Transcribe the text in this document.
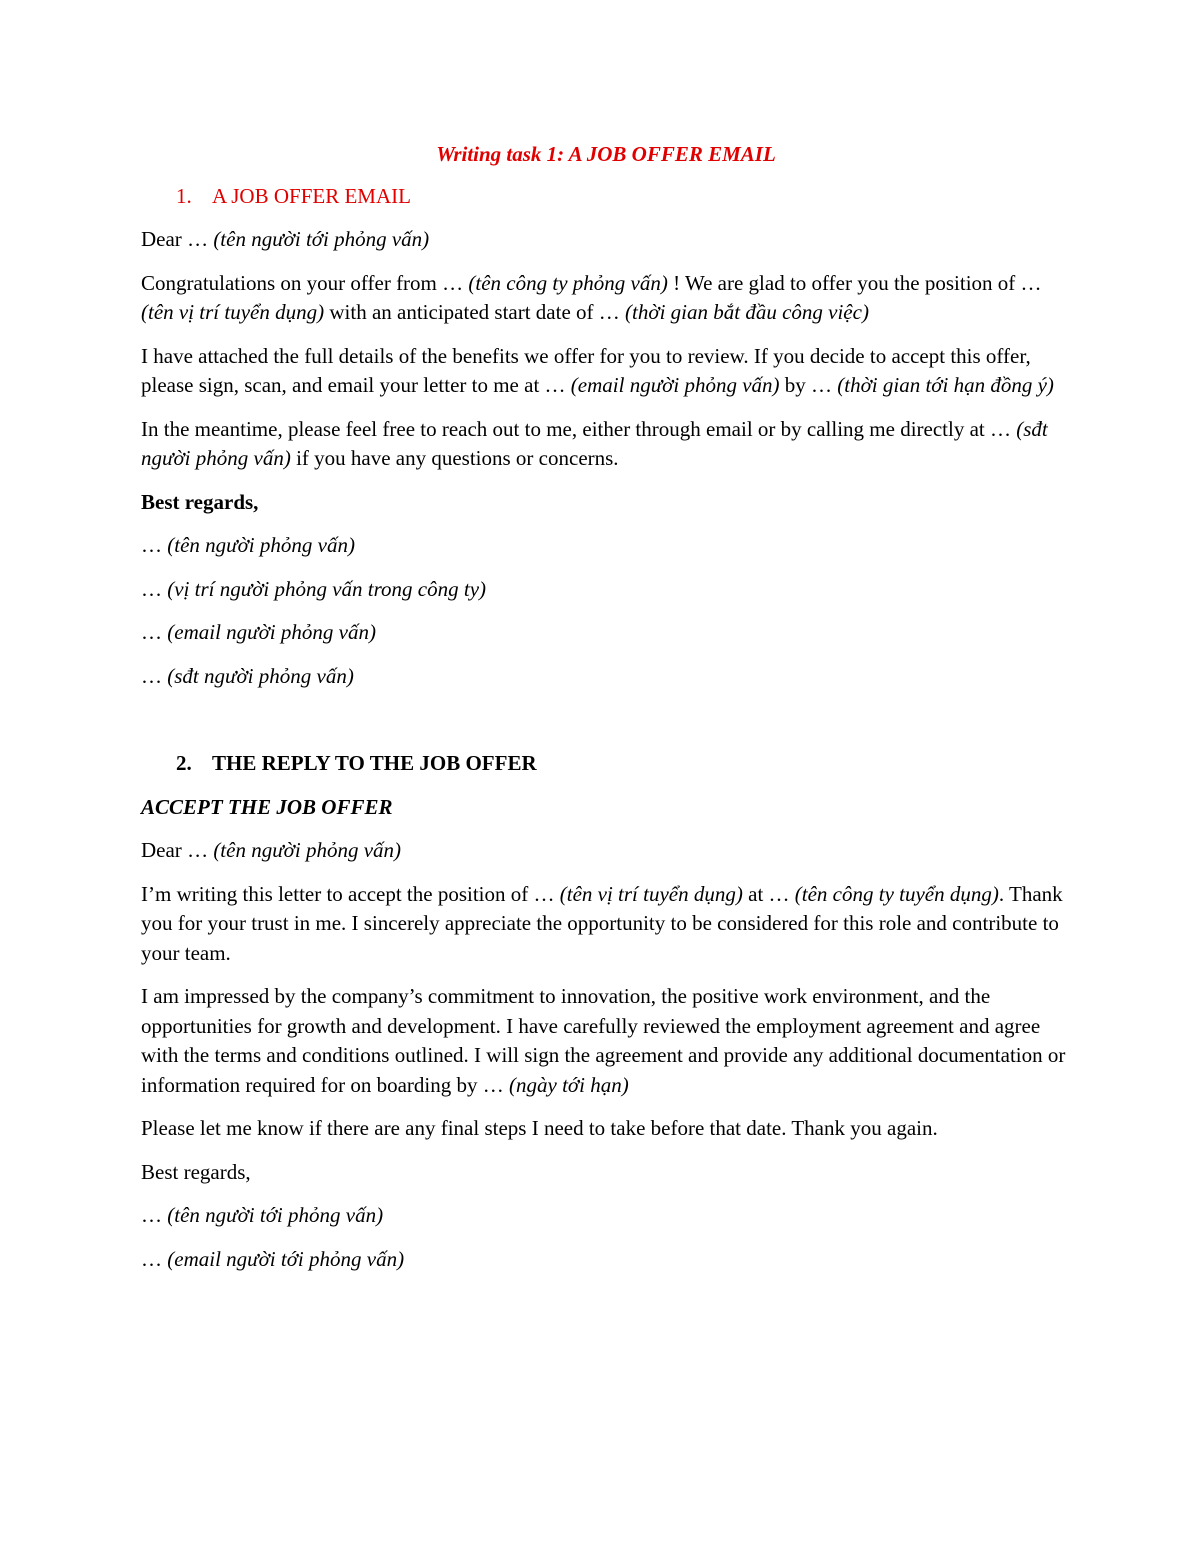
Writing task 1: A JOB OFFER EMAIL
1. A JOB OFFER EMAIL

Dear … (tên người tới phỏng vấn)

Congratulations on your offer from … (tên công ty phỏng vấn) ! We are glad to offer you the position of … (tên vị trí tuyển dụng) with an anticipated start date of … (thời gian bắt đầu công việc)

I have attached the full details of the benefits we offer for you to review. If you decide to accept this offer, please sign, scan, and email your letter to me at … (email người phỏng vấn) by … (thời gian tới hạn đồng ý)

In the meantime, please feel free to reach out to me, either through email or by calling me directly at … (sđt người phỏng vấn) if you have any questions or concerns.

Best regards,

… (tên người phỏng vấn)

… (vị trí người phỏng vấn trong công ty)

… (email người phỏng vấn)

… (sđt người phỏng vấn)

2. THE REPLY TO THE JOB OFFER

ACCEPT THE JOB OFFER

Dear … (tên người phỏng vấn)

I’m writing this letter to accept the position of … (tên vị trí tuyển dụng) at … (tên công ty tuyển dụng). Thank you for your trust in me. I sincerely appreciate the opportunity to be considered for this role and contribute to your team.

I am impressed by the company’s commitment to innovation, the positive work environment, and the opportunities for growth and development. I have carefully reviewed the employment agreement and agree with the terms and conditions outlined. I will sign the agreement and provide any additional documentation or information required for on boarding by … (ngày tới hạn)

Please let me know if there are any final steps I need to take before that date. Thank you again.

Best regards,

… (tên người tới phỏng vấn)

… (email người tới phỏng vấn)
